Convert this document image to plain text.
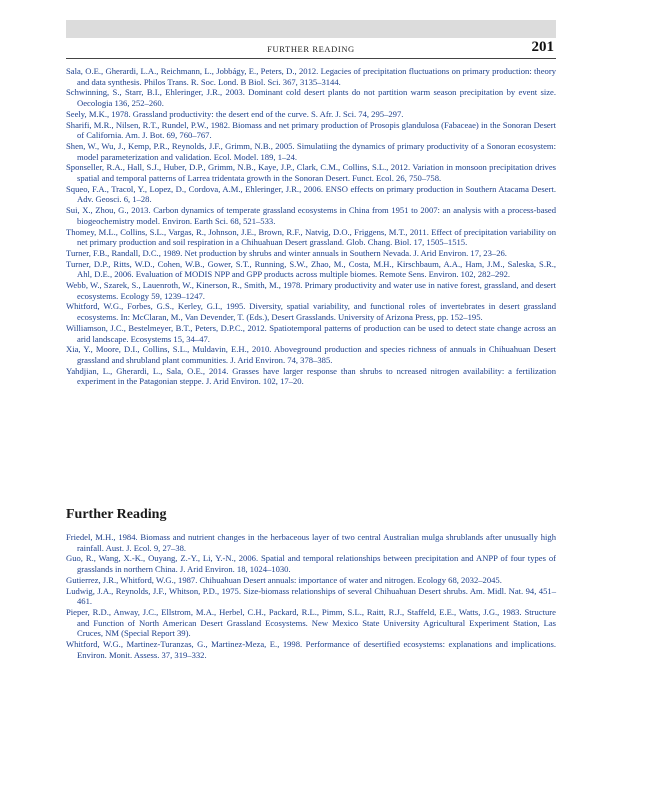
FURTHER READING	201
Sala, O.E., Gherardi, L.A., Reichmann, L., Jobbágy, E., Peters, D., 2012. Legacies of precipitation fluctuations on primary production: theory and data synthesis. Philos Trans. R. Soc. Lond. B Biol. Sci. 367, 3135–3144.
Schwinning, S., Starr, B.I., Ehleringer, J.R., 2003. Dominant cold desert plants do not partition warm season precipitation by event size. Oecologia 136, 252–260.
Seely, M.K., 1978. Grassland productivity: the desert end of the curve. S. Afr. J. Sci. 74, 295–297.
Sharifi, M.R., Nilsen, R.T., Rundel, P.W., 1982. Biomass and net primary production of Prosopis glandulosa (Fabaceae) in the Sonoran Desert of California. Am. J. Bot. 69, 760–767.
Shen, W., Wu, J., Kemp, P.R., Reynolds, J.F., Grimm, N.B., 2005. Simulatiing the dynamics of primary productivity of a Sonoran ecosystem: model parameterization and validation. Ecol. Model. 189, 1–24.
Sponseller, R.A., Hall, S.J., Huber, D.P., Grimm, N.B., Kaye, J.P., Clark, C.M., Collins, S.L., 2012. Variation in monsoon precipitation drives spatial and temporal patterns of Larrea tridentata growth in the Sonoran Desert. Funct. Ecol. 26, 750–758.
Squeo, F.A., Tracol, Y., Lopez, D., Cordova, A.M., Ehleringer, J.R., 2006. ENSO effects on primary production in Southern Atacama Desert. Adv. Geosci. 6, 1–28.
Sui, X., Zhou, G., 2013. Carbon dynamics of temperate grassland ecosystems in China from 1951 to 2007: an analysis with a process-based biogeochemistry model. Environ. Earth Sci. 68, 521–533.
Thomey, M.L., Collins, S.L., Vargas, R., Johnson, J.E., Brown, R.F., Natvig, D.O., Friggens, M.T., 2011. Effect of precipitation variability on net primary production and soil respiration in a Chihuahuan Desert grassland. Glob. Chang. Biol. 17, 1505–1515.
Turner, F.B., Randall, D.C., 1989. Net production by shrubs and winter annuals in Southern Nevada. J. Arid Environ. 17, 23–26.
Turner, D.P., Ritts, W.D., Cohen, W.B., Gower, S.T., Running, S.W., Zhao, M., Costa, M.H., Kirschbaum, A.A., Ham, J.M., Saleska, S.R., Ahl, D.E., 2006. Evaluation of MODIS NPP and GPP products across multiple biomes. Remote Sens. Environ. 102, 282–292.
Webb, W., Szarek, S., Lauenroth, W., Kinerson, R., Smith, M., 1978. Primary productivity and water use in native forest, grassland, and desert ecosystems. Ecology 59, 1239–1247.
Whitford, W.G., Forbes, G.S., Kerley, G.I., 1995. Diversity, spatial variability, and functional roles of invertebrates in desert grassland ecosystems. In: McClaran, M., Van Devender, T. (Eds.), Desert Grasslands. University of Arizona Press, pp. 152–195.
Williamson, J.C., Bestelmeyer, B.T., Peters, D.P.C., 2012. Spatiotemporal patterns of production can be used to detect state change across an arid landscape. Ecosystems 15, 34–47.
Xia, Y., Moore, D.I., Collins, S.L., Muldavin, E.H., 2010. Aboveground production and species richness of annuals in Chihuahuan Desert grassland and shrubland plant communities. J. Arid Environ. 74, 378–385.
Yahdjian, L., Gherardi, L., Sala, O.E., 2014. Grasses have larger response than shrubs to ncreased nitrogen availability: a fertilization experiment in the Patagonian steppe. J. Arid Environ. 102, 17–20.
Further Reading
Friedel, M.H., 1984. Biomass and nutrient changes in the herbaceous layer of two central Australian mulga shrublands after unusually high rainfall. Aust. J. Ecol. 9, 27–38.
Guo, R., Wang, X.-K., Ouyang, Z.-Y., Li, Y.-N., 2006. Spatial and temporal relationships between precipitation and ANPP of four types of grasslands in northern China. J. Arid Environ. 18, 1024–1030.
Gutierrez, J.R., Whitford, W.G., 1987. Chihuahuan Desert annuals: importance of water and nitrogen. Ecology 68, 2032–2045.
Ludwig, J.A., Reynolds, J.F., Whitson, P.D., 1975. Size-biomass relationships of several Chihuahuan Desert shrubs. Am. Midl. Nat. 94, 451–461.
Pieper, R.D., Anway, J.C., Ellstrom, M.A., Herbel, C.H., Packard, R.L., Pimm, S.L., Raitt, R.J., Staffeld, E.E., Watts, J.G., 1983. Structure and Function of North American Desert Grassland Ecosystems. New Mexico State University Agricultural Experiment Station, Las Cruces, NM (Special Report 39).
Whitford, W.G., Martinez-Turanzas, G., Martinez-Meza, E., 1998. Performance of desertified ecosystems: explanations and implications. Environ. Monit. Assess. 37, 319–332.
